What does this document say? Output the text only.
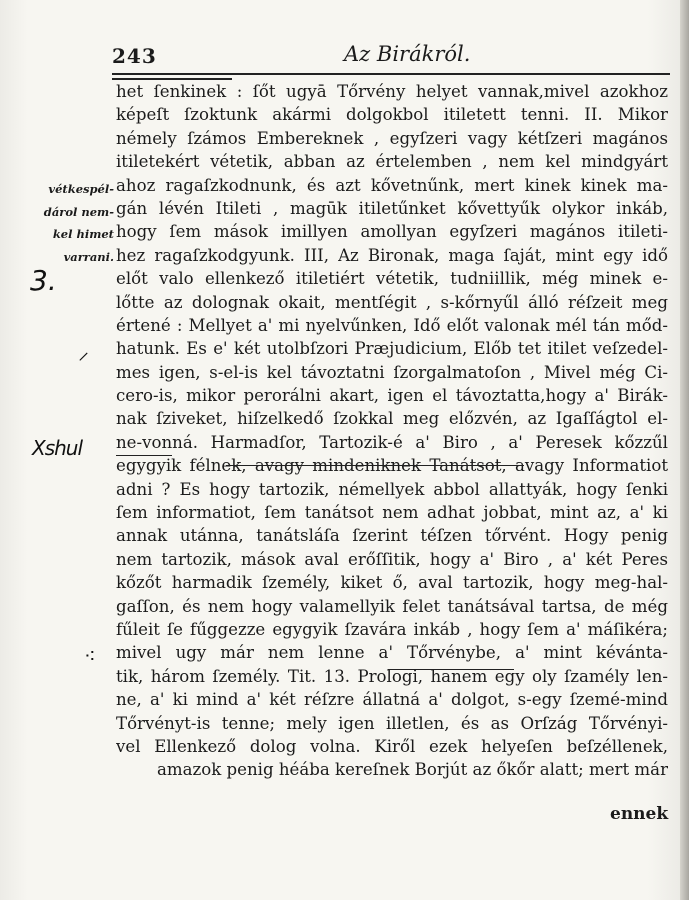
243	Az Birákról.
vétkespél-
dárol nem-
kel himet
varrani.
3.
⸝
Xshul
⁖
het ſenkinek : ſőt ugyā Tőrvény helyet vannak,mivel azokhoz
képeſt ſzoktunk akármi dolgokbol itiletett tenni. II. Mikor
némely ſzámos Embereknek , egyſzeri vagy kétſzeri magános
itiletekért vétetik, abban az értelemben , nem kel mindgyárt
ahoz ragaſzkodnunk, és azt kővetnűnk, mert kinek kinek ma-
gán lévén Itileti , magūk itiletűnket kővettyűk olykor inkáb,
hogy ſem mások imillyen amollyan egyſzeri magános itileti-
hez ragaſzkodgyunk. III, Az Bironak, maga ſaját, mint egy idő
előt valo ellenkező itiletiért vétetik, tudniillik, még minek e-
lőtte az dolognak okait, mentſégit , s-kőrnyűl álló réſzeit meg
értené : Mellyet a' mi nyelvűnken, Idő előt valonak mél tán mőd-
hatunk. Es e' két utolbſzori Præjudicium, Előb tet itilet veſzedel-
mes igen, s-el-is kel távoztatni ſzorgalmatoſon , Mivel még Ci-
cero-is, mikor perorálni akart, igen el távoztatta,hogy a' Birák-
nak ſziveket, hiſzelkedő ſzokkal meg előzvén, az Igaſſágtol el-
ne-vonná. Harmadſor, Tartozik-é a' Biro , a' Peresek kőzzűl
egygyik félnek, avagy mindeniknek Tanátsot, avagy Informatiot
adni ? Es hogy tartozik, némellyek abbol allattyák, hogy ſenki
ſem informatiot, ſem tanátsot nem adhat jobbat, mint az, a' ki
annak utánna, tanátsláſa ſzerint téſzen tőrvént. Hogy penig
nem tartozik, mások aval erőſſitik, hogy a' Biro , a' két Peres
kőzőt harmadik ſzemély, kiket ő, aval tartozik, hogy meg-hal-
gaſſon, és nem hogy valamellyik felet tanátsával tartsa, de még
fűleit ſe fűggezze egygyik ſzavára inkáb , hogy ſem a' máſikéra;
mivel ugy már nem lenne a' Tőrvénybe, a' mint kévánta-
tik, három ſzemély. Tit. 13. Prologi, hanem egy oly ſzamély len-
ne, a' ki mind a' két réſzre állatná a' dolgot, s-egy ſzemé-mind
Tőrvényt-is tenne; mely igen illetlen, és as Orſzág Tőrvényi-
vel Ellenkező dolog volna. Kiről ezek helyeſen beſzéllenek,
amazok penig héába kereſnek Borjút az őkőr alatt; mert már
ennek
